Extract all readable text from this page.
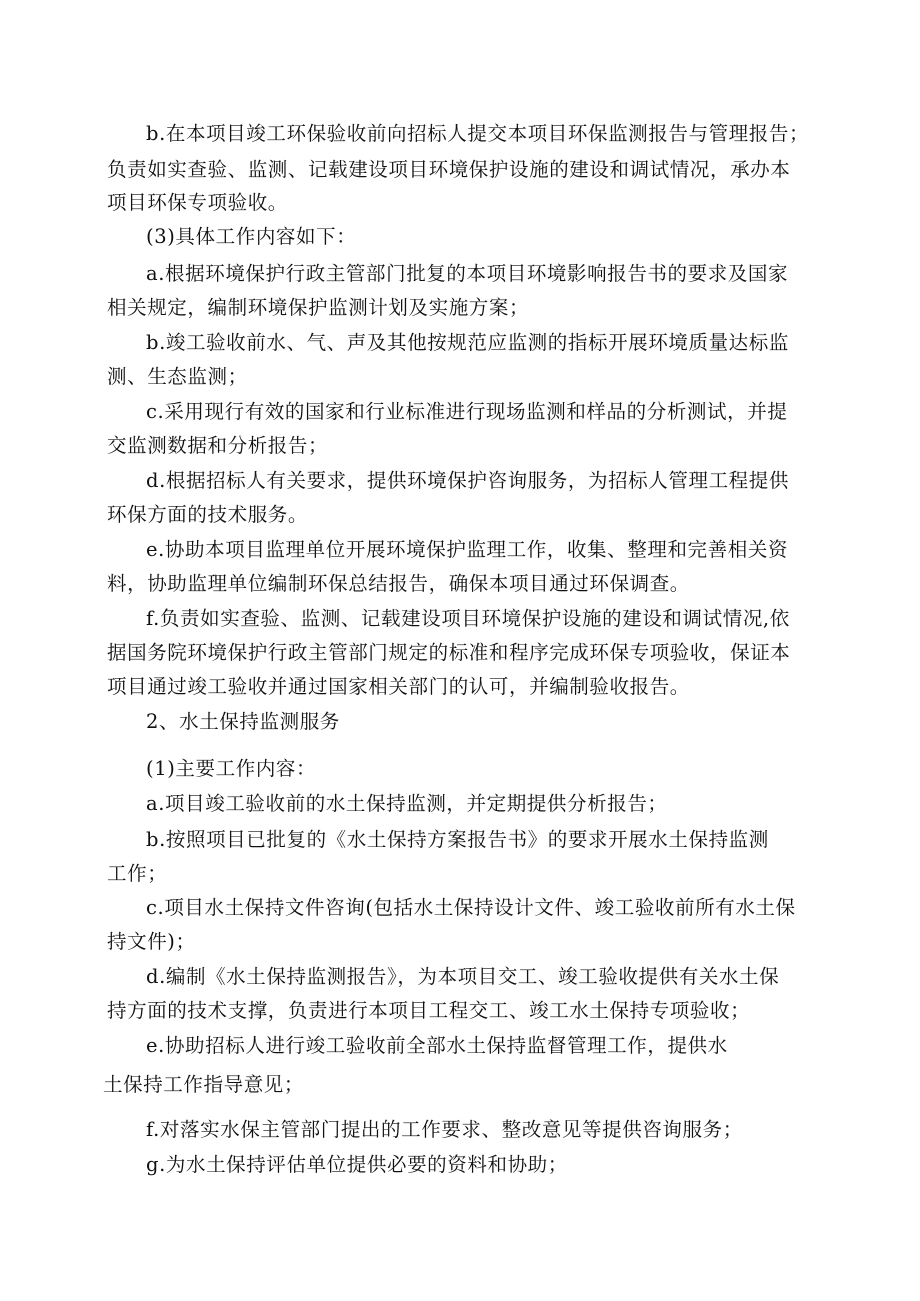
b.在本项目竣工环保验收前向招标人提交本项目环保监测报告与管理报告；
负责如实查验、监测、记载建设项目环境保护设施的建设和调试情况，承办本
项目环保专项验收。
(3)具体工作内容如下：
a.根据环境保护行政主管部门批复的本项目环境影响报告书的要求及国家
相关规定，编制环境保护监测计划及实施方案；
b.竣工验收前水、气、声及其他按规范应监测的指标开展环境质量达标监
测、生态监测；
c.采用现行有效的国家和行业标准进行现场监测和样品的分析测试，并提
交监测数据和分析报告；
d.根据招标人有关要求，提供环境保护咨询服务，为招标人管理工程提供
环保方面的技术服务。
e.协助本项目监理单位开展环境保护监理工作，收集、整理和完善相关资
料，协助监理单位编制环保总结报告，确保本项目通过环保调查。
f.负责如实查验、监测、记载建设项目环境保护设施的建设和调试情况,依
据国务院环境保护行政主管部门规定的标准和程序完成环保专项验收，保证本
项目通过竣工验收并通过国家相关部门的认可，并编制验收报告。
2、水土保持监测服务
(1)主要工作内容：
a.项目竣工验收前的水土保持监测，并定期提供分析报告；
b.按照项目已批复的《水土保持方案报告书》的要求开展水土保持监测
工作；
c.项目水土保持文件咨询(包括水土保持设计文件、竣工验收前所有水土保
持文件)；
d.编制《水土保持监测报告》，为本项目交工、竣工验收提供有关水土保
持方面的技术支撑，负责进行本项目工程交工、竣工水土保持专项验收；
e.协助招标人进行竣工验收前全部水土保持监督管理工作，提供水
土保持工作指导意见；
f.对落实水保主管部门提出的工作要求、整改意见等提供咨询服务；
g.为水土保持评估单位提供必要的资料和协助；
